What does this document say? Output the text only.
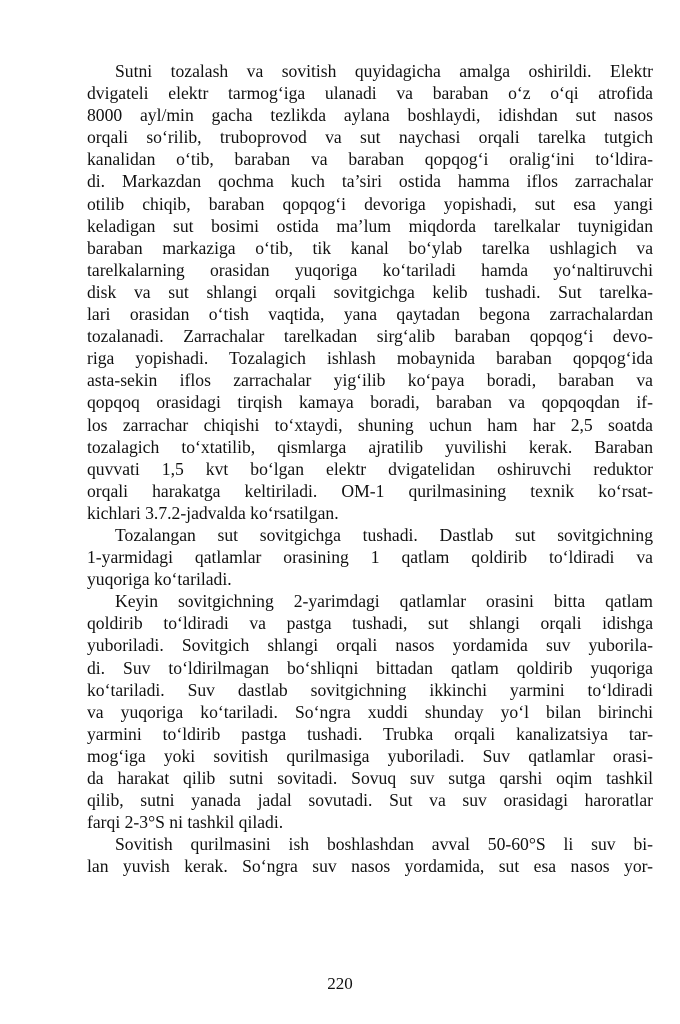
Sutni tozalash va sovitish quyidagicha amalga oshirildi. Elektr
dvigateli elektr tarmog‘iga ulanadi va baraban o‘z o‘qi atrofida
8000 ayl/min gacha tezlikda aylana boshlaydi, idishdan sut nasos
orqali so‘rilib, truboprovod va sut naychasi orqali tarelka tutgich
kanalidan o‘tib, baraban va baraban qopqog‘i oralig‘ini to‘ldira-
di. Markazdan qochma kuch ta’siri ostida hamma iflos zarrachalar
otilib chiqib, baraban qopqog‘i devoriga yopishadi, sut esa yangi
keladigan sut bosimi ostida ma’lum miqdorda tarelkalar tuynigidan
baraban markaziga o‘tib, tik kanal bo‘ylab tarelka ushlagich va
tarelkalarning orasidan yuqoriga ko‘tariladi hamda yo‘naltiruvchi
disk va sut shlangi orqali sovitgichga kelib tushadi. Sut tarelka-
lari orasidan o‘tish vaqtida, yana qaytadan begona zarrachalardan
tozalanadi. Zarrachalar tarelkadan sirg‘alib baraban qopqog‘i devo-
riga yopishadi. Tozalagich ishlash mobaynida baraban qopqog‘ida
asta-sekin iflos zarrachalar yig‘ilib ko‘paya boradi, baraban va
qopqoq orasidagi tirqish kamaya boradi, baraban va qopqoqdan if-
los zarrachar chiqishi to‘xtaydi, shuning uchun ham har 2,5 soatda
tozalagich to‘xtatilib, qismlarga ajratilib yuvilishi kerak. Baraban
quvvati 1,5 kvt bo‘lgan elektr dvigatelidan oshiruvchi reduktor
orqali harakatga keltiriladi. OM-1 qurilmasining texnik ko‘rsat-
kichlari 3.7.2-jadvalda ko‘rsatilgan.
Tozalangan sut sovitgichga tushadi. Dastlab sut sovitgichning
1-yarmidagi qatlamlar orasining 1 qatlam qoldirib to‘ldiradi va
yuqoriga ko‘tariladi.
Keyin sovitgichning 2-yarimdagi qatlamlar orasini bitta qatlam
qoldirib to‘ldiradi va pastga tushadi, sut shlangi orqali idishga
yuboriladi. Sovitgich shlangi orqali nasos yordamida suv yuborila-
di. Suv to‘ldirilmagan bo‘shliqni bittadan qatlam qoldirib yuqoriga
ko‘tariladi. Suv dastlab sovitgichning ikkinchi yarmini to‘ldiradi
va yuqoriga ko‘tariladi. So‘ngra xuddi shunday yo‘l bilan birinchi
yarmini to‘ldirib pastga tushadi. Trubka orqali kanalizatsiya tar-
mog‘iga yoki sovitish qurilmasiga yuboriladi. Suv qatlamlar orasi-
da harakat qilib sutni sovitadi. Sovuq suv sutga qarshi oqim tashkil
qilib, sutni yanada jadal sovutadi. Sut va suv orasidagi haroratlar
farqi 2-3°S ni tashkil qiladi.
Sovitish qurilmasini ish boshlashdan avval 50-60°S li suv bi-
lan yuvish kerak. So‘ngra suv nasos yordamida, sut esa nasos yor-
220
